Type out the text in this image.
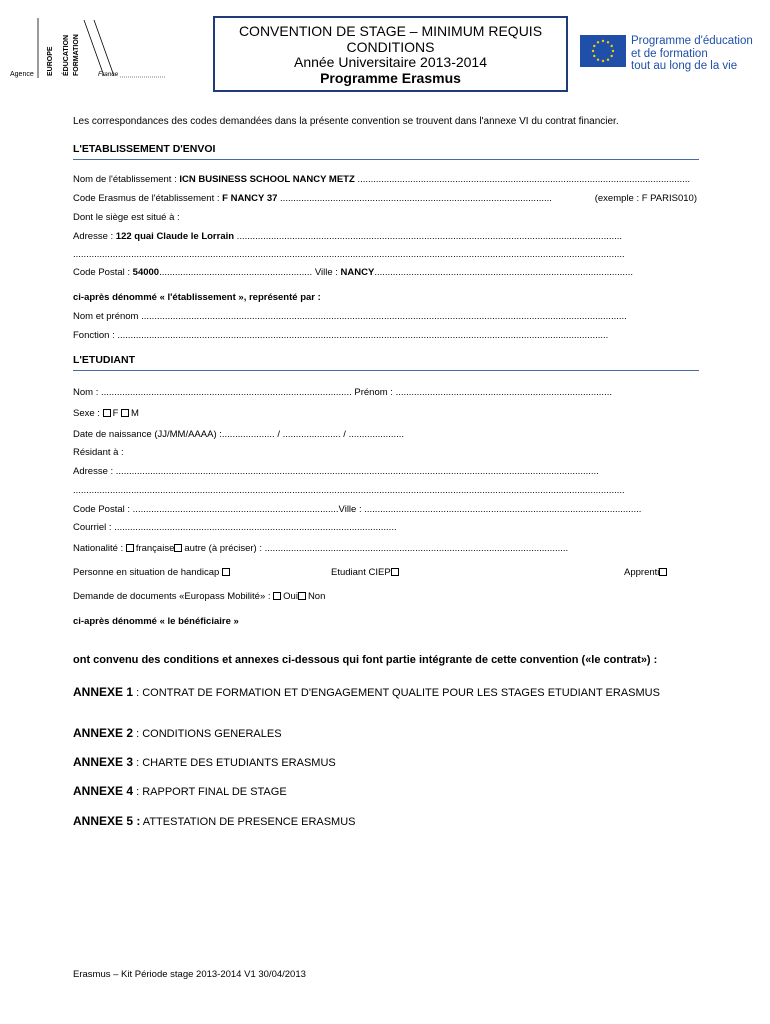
Agence EUROPE ÉDUCATION FORMATION	France
CONVENTION DE STAGE – MINIMUM REQUIS
CONDITIONS
Année Universitaire 2013-2014
Programme Erasmus
Programme d'éducation
et de formation
tout au long de la vie
Les correspondances des codes demandées dans la présente convention se trouvent dans l'annexe VI du contrat financier.
L'ETABLISSEMENT D'ENVOI
Nom de l'établissement : ICN BUSINESS SCHOOL NANCY METZ ..............................................................................................................................
Code Erasmus de l'établissement : F NANCY 37 .......................................................................................................	(exemple : F PARIS010)
Dont le siège est situé à :
Adresse : 122 quai Claude le Lorrain ..................................................................................................................................................
.................................................................................................................................................................................................................
Code Postal : 54000.......................................................... Ville : NANCY..................................................................................................
ci-après dénommé « l'établissement », représenté par :
Nom et prénom ........................................................................................................................................................................................
Fonction : ..........................................................................................................................................................................................
L'ETUDIANT
Nom : ............................................................................................... Prénom : ..................................................................................
Sexe : F M
Date de naissance (JJ/MM/AAAA) :.................... / ...................... / .....................
Résidant à :
Adresse : .......................................................................................................................................................................................
.................................................................................................................................................................................................................
Code Postal : ..............................................................................Ville : .........................................................................................................
Courriel : ...........................................................................................................
Nationalité : française autre (à préciser) : ...................................................................................................................
Personne en situation de handicap	Etudiant CIEP	Apprenti
Demande de documents «Europass Mobilité» : Oui Non
ci-après dénommé « le bénéficiaire »
ont convenu des conditions et annexes ci-dessous qui font partie intégrante de cette convention («le contrat») :
ANNEXE 1 : CONTRAT DE FORMATION ET D'ENGAGEMENT QUALITE POUR LES STAGES ETUDIANT ERASMUS
ANNEXE 2 : CONDITIONS GENERALES
ANNEXE 3 : CHARTE DES ETUDIANTS ERASMUS
ANNEXE 4 : RAPPORT FINAL DE STAGE
ANNEXE 5 : ATTESTATION DE PRESENCE ERASMUS
Erasmus – Kit Période stage 2013-2014 V1 30/04/2013
